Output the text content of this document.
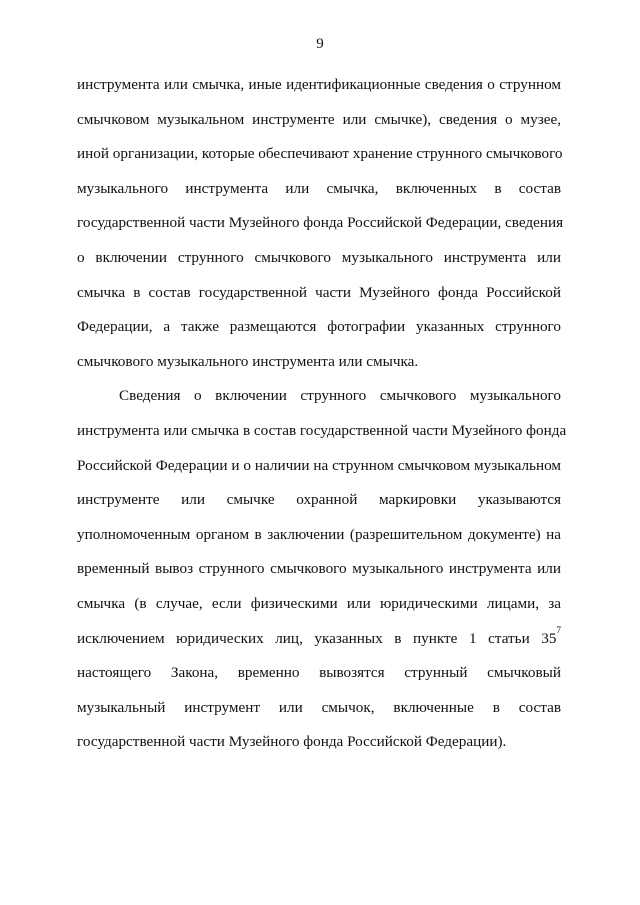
9
инструмента или смычка, иные идентификационные сведения о струнном
смычковом музыкальном инструменте или смычке), сведения о музее,
иной организации, которые обеспечивают хранение струнного смычкового
музыкального инструмента или смычка, включенных в состав
государственной части Музейного фонда Российской Федерации, сведения
о включении струнного смычкового музыкального инструмента или
смычка в состав государственной части Музейного фонда Российской
Федерации, а также размещаются фотографии указанных струнного
смычкового музыкального инструмента или смычка.
Сведения о включении струнного смычкового музыкального
инструмента или смычка в состав государственной части Музейного фонда
Российской Федерации и о наличии на струнном смычковом музыкальном
инструменте или смычке охранной маркировки указываются
уполномоченным органом в заключении (разрешительном документе) на
временный вывоз струнного смычкового музыкального инструмента или
смычка (в случае, если физическими или юридическими лицами, за
исключением юридических лиц, указанных в пункте 1 статьи $35^7$
настоящего Закона, временно вывозятся струнный смычковый
музыкальный инструмент или смычок, включенные в состав
государственной части Музейного фонда Российской Федерации).
